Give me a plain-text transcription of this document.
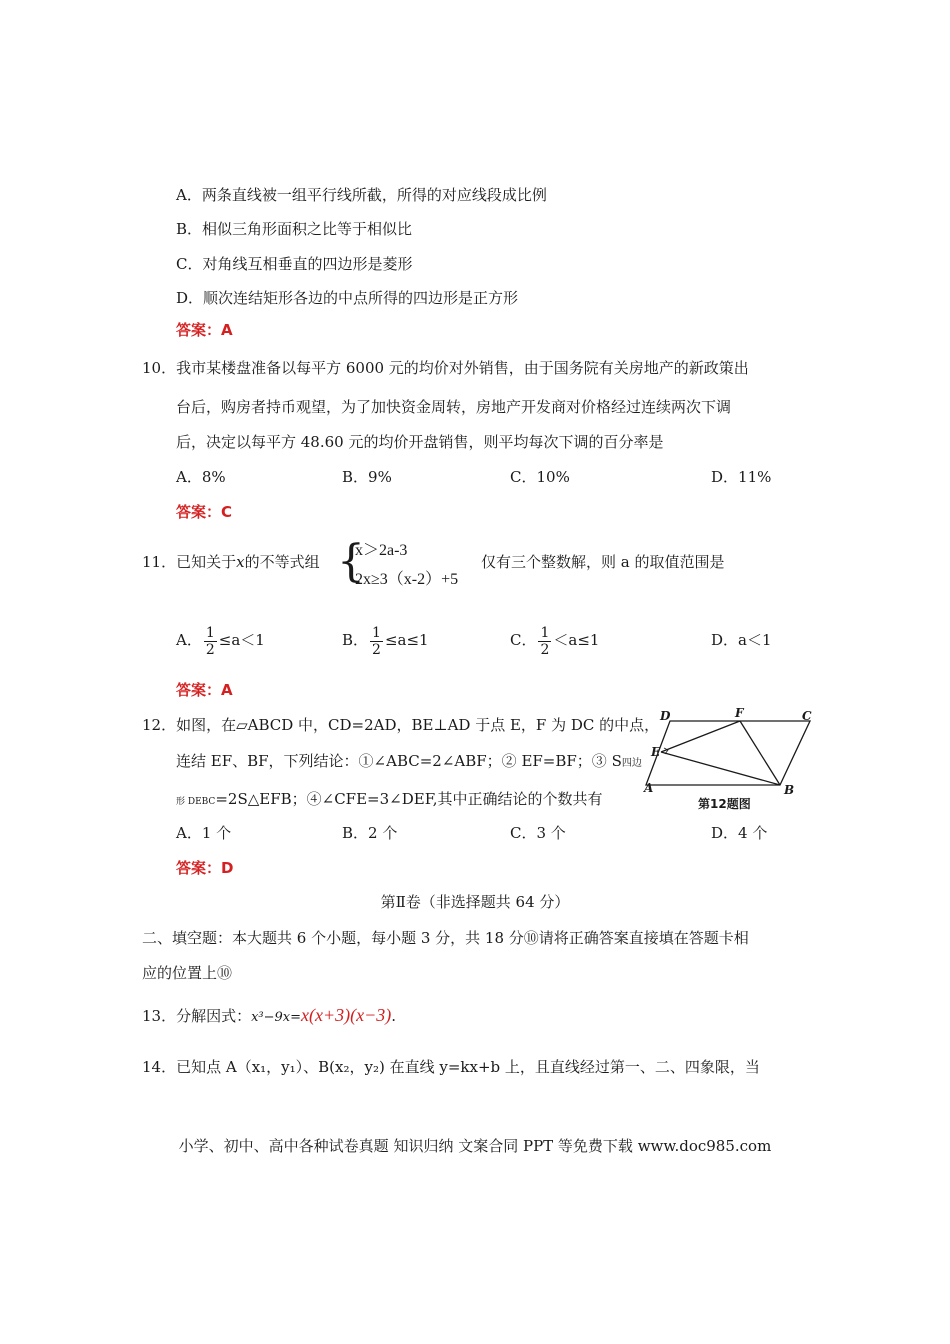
A．两条直线被一组平行线所截，所得的对应线段成比例
B．相似三角形面积之比等于相似比
C．对角线互相垂直的四边形是菱形
D．顺次连结矩形各边的中点所得的四边形是正方形
答案：A
10．我市某楼盘准备以每平方 6000 元的均价对外销售，由于国务院有关房地产的新政策出
台后，购房者持币观望，为了加快资金周转，房地产开发商对价格经过连续两次下调
后，决定以每平方 48.60 元的均价开盘销售，则平均每次下调的百分率是
A．8%	B．9%	C．10%	D．11%
答案：C
11．已知关于x的不等式组 {
x＞2a-3
2x≥3（x-2）+5
仅有三个整数解，则 a 的取值范围是
A． $\frac{1}{2} \le a<1$	B． $\frac{1}{2} \le a\le 1$	C． $\frac{1}{2} <a\le 1$	D．a＜1
答案：A
12．如图，在▱ABCD 中，CD=2AD，BE⊥AD 于点 E，F 为 DC 的中点，
连结 EF、BF，下列结论：①∠ABC=2∠ABF；② EF=BF；③ S四边
形 DEBC=2S△EFB；④∠CFE=3∠DEF,其中正确结论的个数共有
D	F	C
E
A	B
第12题图
A．1 个	B．2 个	C．3 个	D．4 个
答案：D
第Ⅱ卷（非选择题共 64 分）
二、填空题：本大题共 6 个小题，每小题 3 分，共 18 分⑩请将正确答案直接填在答题卡相
应的位置上⑩
13．分解因式：x³−9x=x(x+3)(x−3).
14．已知点 A（x₁，y₁）、B(x₂，y₂) 在直线 y=kx+b 上，且直线经过第一、二、四象限，当
小学、初中、高中各种试卷真题 知识归纳 文案合同 PPT 等免费下载 www.doc985.com
